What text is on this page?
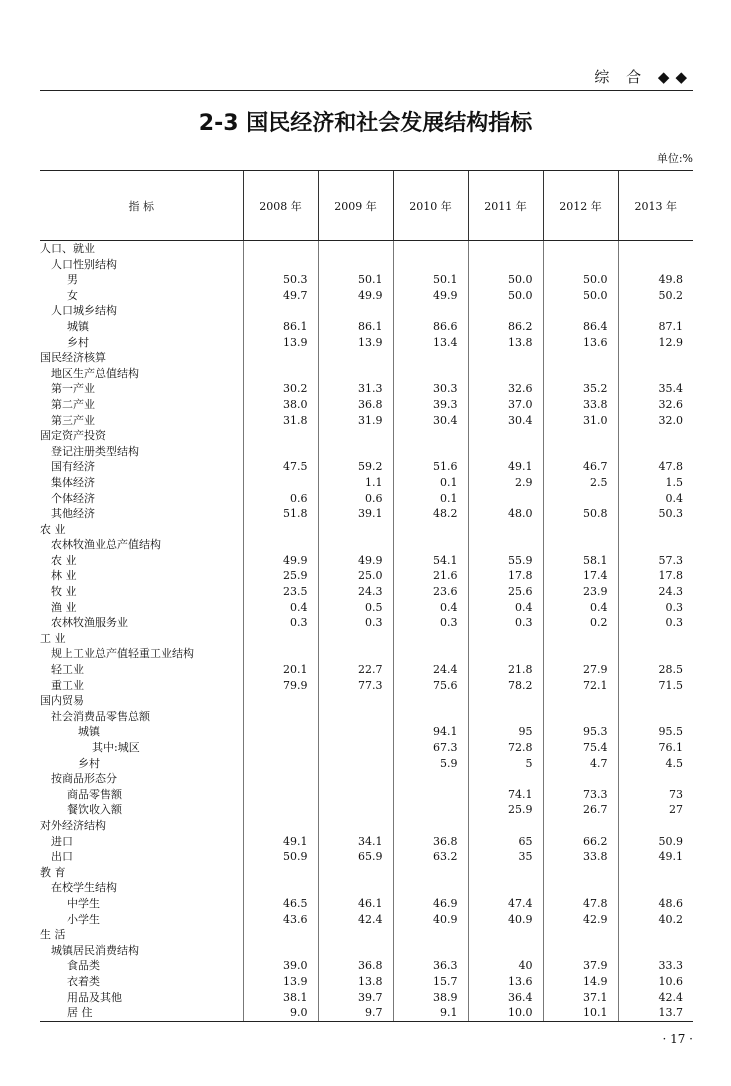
综 合 ◆◆
2-3 国民经济和社会发展结构指标
单位:%
指 标	2008 年	2009 年	2010 年	2011 年	2012 年	2013 年
人口、就业						
人口性别结构						
男	50.3	50.1	50.1	50.0	50.0	49.8
女	49.7	49.9	49.9	50.0	50.0	50.2
人口城乡结构						
城镇	86.1	86.1	86.6	86.2	86.4	87.1
乡村	13.9	13.9	13.4	13.8	13.6	12.9
国民经济核算						
地区生产总值结构						
第一产业	30.2	31.3	30.3	32.6	35.2	35.4
第二产业	38.0	36.8	39.3	37.0	33.8	32.6
第三产业	31.8	31.9	30.4	30.4	31.0	32.0
固定资产投资						
登记注册类型结构						
国有经济	47.5	59.2	51.6	49.1	46.7	47.8
集体经济		1.1	0.1	2.9	2.5	1.5
个体经济	0.6	0.6	0.1			0.4
其他经济	51.8	39.1	48.2	48.0	50.8	50.3
农 业						
农林牧渔业总产值结构						
农 业	49.9	49.9	54.1	55.9	58.1	57.3
林 业	25.9	25.0	21.6	17.8	17.4	17.8
牧 业	23.5	24.3	23.6	25.6	23.9	24.3
渔 业	0.4	0.5	0.4	0.4	0.4	0.3
农林牧渔服务业	0.3	0.3	0.3	0.3	0.2	0.3
工 业						
规上工业总产值轻重工业结构						
轻工业	20.1	22.7	24.4	21.8	27.9	28.5
重工业	79.9	77.3	75.6	78.2	72.1	71.5
国内贸易						
社会消费品零售总额						
城镇			94.1	95	95.3	95.5
其中:城区			67.3	72.8	75.4	76.1
乡村			5.9	5	4.7	4.5
按商品形态分						
商品零售额				74.1	73.3	73
餐饮收入额				25.9	26.7	27
对外经济结构						
进口	49.1	34.1	36.8	65	66.2	50.9
出口	50.9	65.9	63.2	35	33.8	49.1
教 育						
在校学生结构						
中学生	46.5	46.1	46.9	47.4	47.8	48.6
小学生	43.6	42.4	40.9	40.9	42.9	40.2
生 活						
城镇居民消费结构						
食品类	39.0	36.8	36.3	40	37.9	33.3
衣着类	13.9	13.8	15.7	13.6	14.9	10.6
用品及其他	38.1	39.7	38.9	36.4	37.1	42.4
居 住	9.0	9.7	9.1	10.0	10.1	13.7
· 17 ·
